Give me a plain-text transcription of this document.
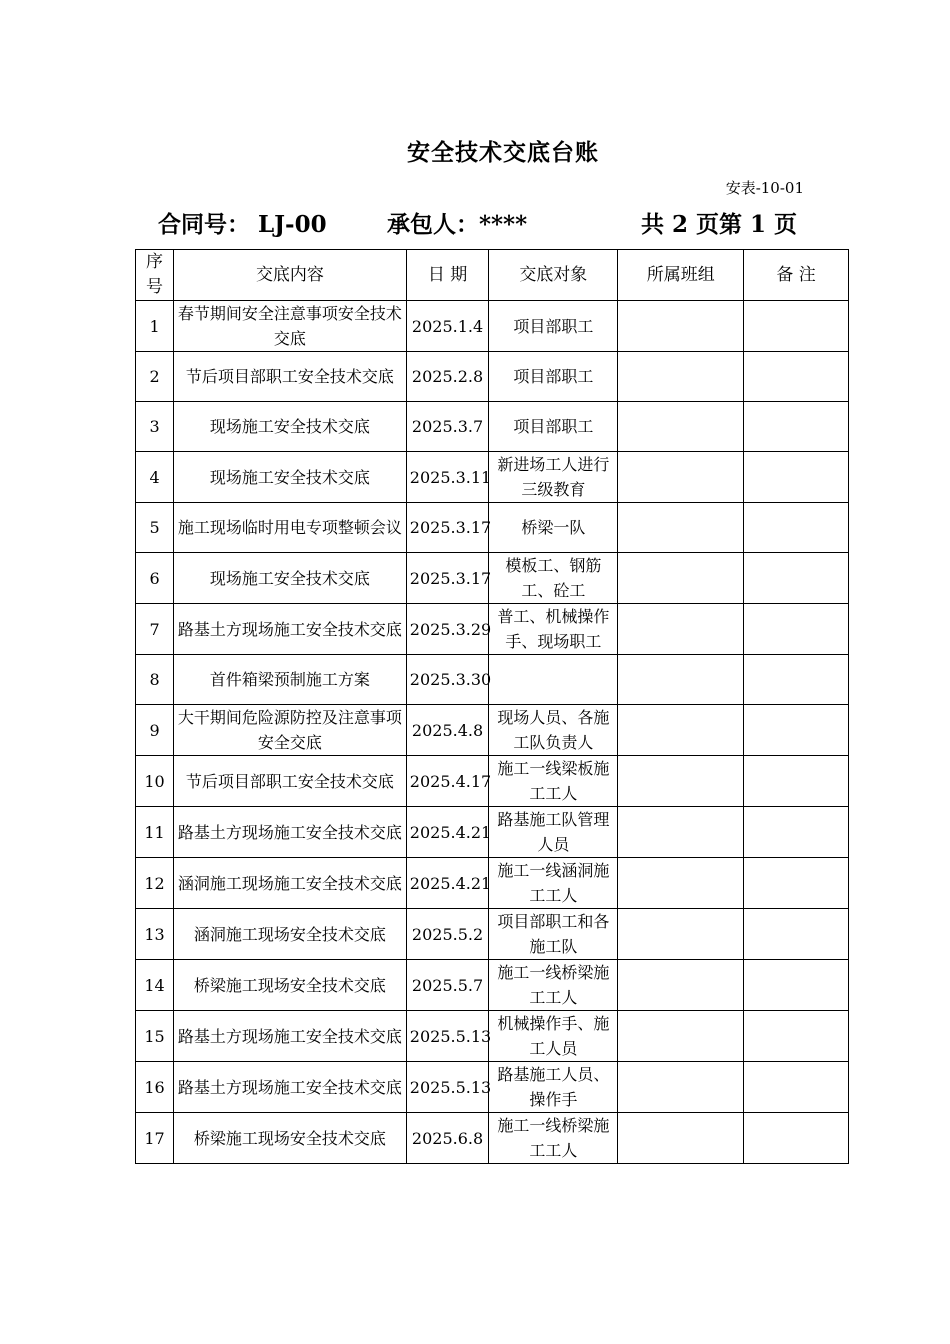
安全技术交底台账
安表-10-01
合同号： LJ-00	承包人：****	共 2 页第 1 页
序号	交底内容	日 期	交底对象	所属班组	备 注
1	春节期间安全注意事项安全技术交底	2025.1.4	项目部职工		
2	节后项目部职工安全技术交底	2025.2.8	项目部职工		
3	现场施工安全技术交底	2025.3.7	项目部职工		
4	现场施工安全技术交底	2025.3.11	新进场工人进行三级教育		
5	施工现场临时用电专项整顿会议	2025.3.17	桥梁一队		
6	现场施工安全技术交底	2025.3.17	模板工、钢筋工、砼工		
7	路基土方现场施工安全技术交底	2025.3.29	普工、机械操作手、现场职工		
8	首件箱梁预制施工方案	2025.3.30			
9	大干期间危险源防控及注意事项安全交底	2025.4.8	现场人员、各施工队负责人		
10	节后项目部职工安全技术交底	2025.4.17	施工一线梁板施工工人		
11	路基土方现场施工安全技术交底	2025.4.21	路基施工队管理人员		
12	涵洞施工现场施工安全技术交底	2025.4.21	施工一线涵洞施工工人		
13	涵洞施工现场安全技术交底	2025.5.2	项目部职工和各施工队		
14	桥梁施工现场安全技术交底	2025.5.7	施工一线桥梁施工工人		
15	路基土方现场施工安全技术交底	2025.5.13	机械操作手、施工人员		
16	路基土方现场施工安全技术交底	2025.5.13	路基施工人员、操作手		
17	桥梁施工现场安全技术交底	2025.6.8	施工一线桥梁施工工人		
